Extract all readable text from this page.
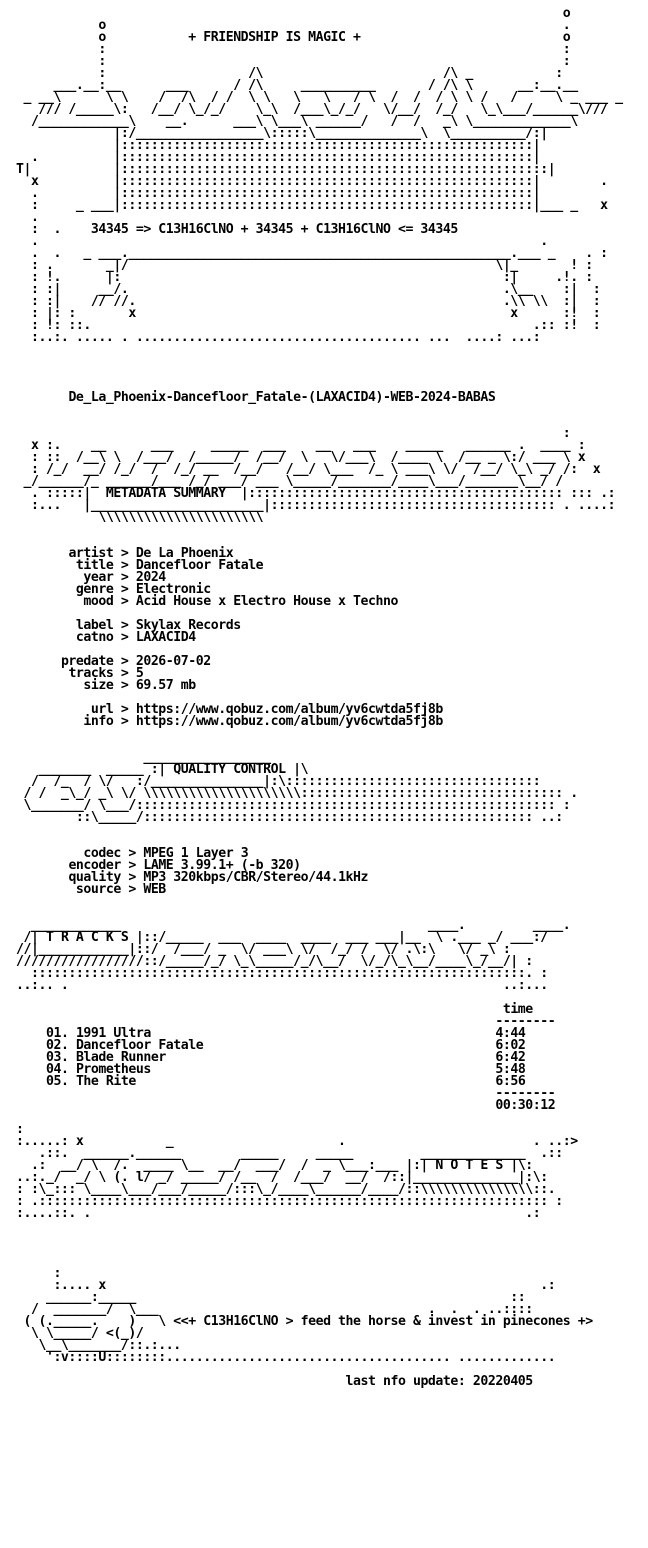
o
o                                                             .
o           + FRIENDSHIP IS MAGIC +                           o
:                                                             :
:                                                             :
:                   /\                        /\ _           :
___.__:__      ___      / /\     __________       / /\ \      __:__.__
_ __\      \ \    /  /\  / /  \ \   \   \   / \  /  /  / \ \ /   /     \ _ ___ _
/// /_____\:   /__/ \_/_/    \_\  /___\_/_/   \/__/  /_/   \_\___/______\///
/____________\    __.      ___\ \___\ ______/   /  /   _\ \_____________\
|:/_________________\:::::\______________\  \__________/:|
|:::::::::::::::::::::::::::::::::::::::::::::::::::::::|
.          |:::::::::::::::::::::::::::::::::::::::::::::::::::::::|
T|           |:::::::::::::::::::::::::::::::::::::::::::::::::::::::::|
x          |:::::::::::::::::::::::::::::::::::::::::::::::::::::::|        .
.          |:::::::::::::::::::::::::::::::::::::::::::::::::::::::|
:     _ ___|:::::::::::::::::::::::::::::::::::::::::::::::::::::::|___ _   x
.
:  .    34345 => C13H16ClNO + 34345 + C13H16ClNO <= 34345
.                                                                   .
.  .   _ ___.___________________________________________________.___ _    . :
: .       _|/                                                 \|_       ! :
: !.      |:                                                   :|     .!. :
: :|     __/.                                                  .\__    :|  :
: :|    // //.                                                 .\\ \\  :|  :
: |: :       x                                                  x      :!  :
: !: ::.                                                           .:: :!  :
:..:. ..... . ...................................... ...  ....: ...:

De_La_Phoenix-Dancefloor_Fatale-(LAXACID4)-WEB-2024-BABAS

:
x :.    __      ___     _____  ___    __   ___    _____   ______ .  ____ :
: ::  /__\ \  /___/  /_____/  /__/  \   \/___\  /____ \  /__ _ \:/ ___ \ x
: /_/  __/ /_/  /  /_/ __  /__/   /__/ \___  /_ \ ___\ \/  /__/ \_\ _/ /:  x
_/______/_ ______/___ /_/ ___/ ___ \_____/_______/____\___/_______\__/ /
. :::::|  METADATA SUMMARY  |:::::::::::::::::::::::::::::::::::::::::: ::: .:

:...   |_______________________|:::::::::::::::::::::::::::::::::::::: . ....:
\\\\\\\\\\\\\\\\\\\\\\

artist > De La Phoenix
title > Dancefloor Fatale
year > 2024
genre > Electronic
mood > Acid House x Electro House x Techno

label > Skylax Records
catno > LAXACID4

predate > 2026-07-02
tracks > 5
size > 69.57 mb

url > https://www.qobuz.com/album/yv6cwtda5fj8b
info > https://www.qobuz.com/album/yv6cwtda5fj8b

_________________
_______  _____ :| QUALITY CONTROL |\
/  /_  / \/   :/_______________|:\::::::::::::::::::::::::::::::::::
/ /  _\_/ _\ \/ \\\\\\\\\\\\\\\\\\\\\::::::::::::::::::::::::::::::::::: .
\_______/ \___/:::::::::::::::::::::::::::::::::::::::::::::::::::::::: :
::\_____/:::::::::::::::::::::::::::::::::::::::::::::::::::: ..:

codec > MPEG 1 Layer 3
encoder > LAME 3.99.1+ (-b 320)
quality > MP3 320kbps/CBR/Stereo/44.1kHz
source > WEB

____________                                         ____.         ____.
/| T R A C K S |::/_____  ___  ____  ____  ___ ___|__  \ .___ _/ ___:/
//|____________|::/  /___/ _  \/ ___\ \/  /_/ /  \/ .\:\   \/ _\ :
/////////////////::/_____/_/ \_\_____/_/\__/  \/_/\_\__/____\_/__/| :
::::::::::::::::::::::::::::::::::::::::::::::::::::::::::::::::::. :
..:.. .                                                          ..:...

time
--------
01. 1991 Ultra	4:44
02. Dancefloor Fatale	6:02
03. Blade Runner	6:42
04. Prometheus	5:48
05. The Rite	6:56
--------
00:30:12

:
:.....: x           _                      .                         . ..:>
.::.  ______.______        _____     _____         ______________  .::
.:  __/ \  /.  ____ \__  __/  ___/  /  _ \___:___ |:| N O T E S |\:
..:._/  _/ \ (. l/ _/ _____/ /__  /  /___/  __/  /::|______________|:\:
: :\_::: \____\___/___/_____/:::\_/____\______/____/::\\\\\\\\\\\\\\\::.
: .:::::::::::::::::::::::::::::::::::::::::::::::::::::::::::::::::::: :
:....::. .                                                          .:

:
:.... x                                                          .:
______:_____                                                  ::
/  _______/  \___                                    .  .  . ..::::
( (._____.    )   \ <<+ C13H16ClNO > feed the horse & invest in pinecones +>
\ \_____/ <(_)/
\__\_______/::.:...
':v::::U::::::::...................................... .............

last nfo update: 20220405
